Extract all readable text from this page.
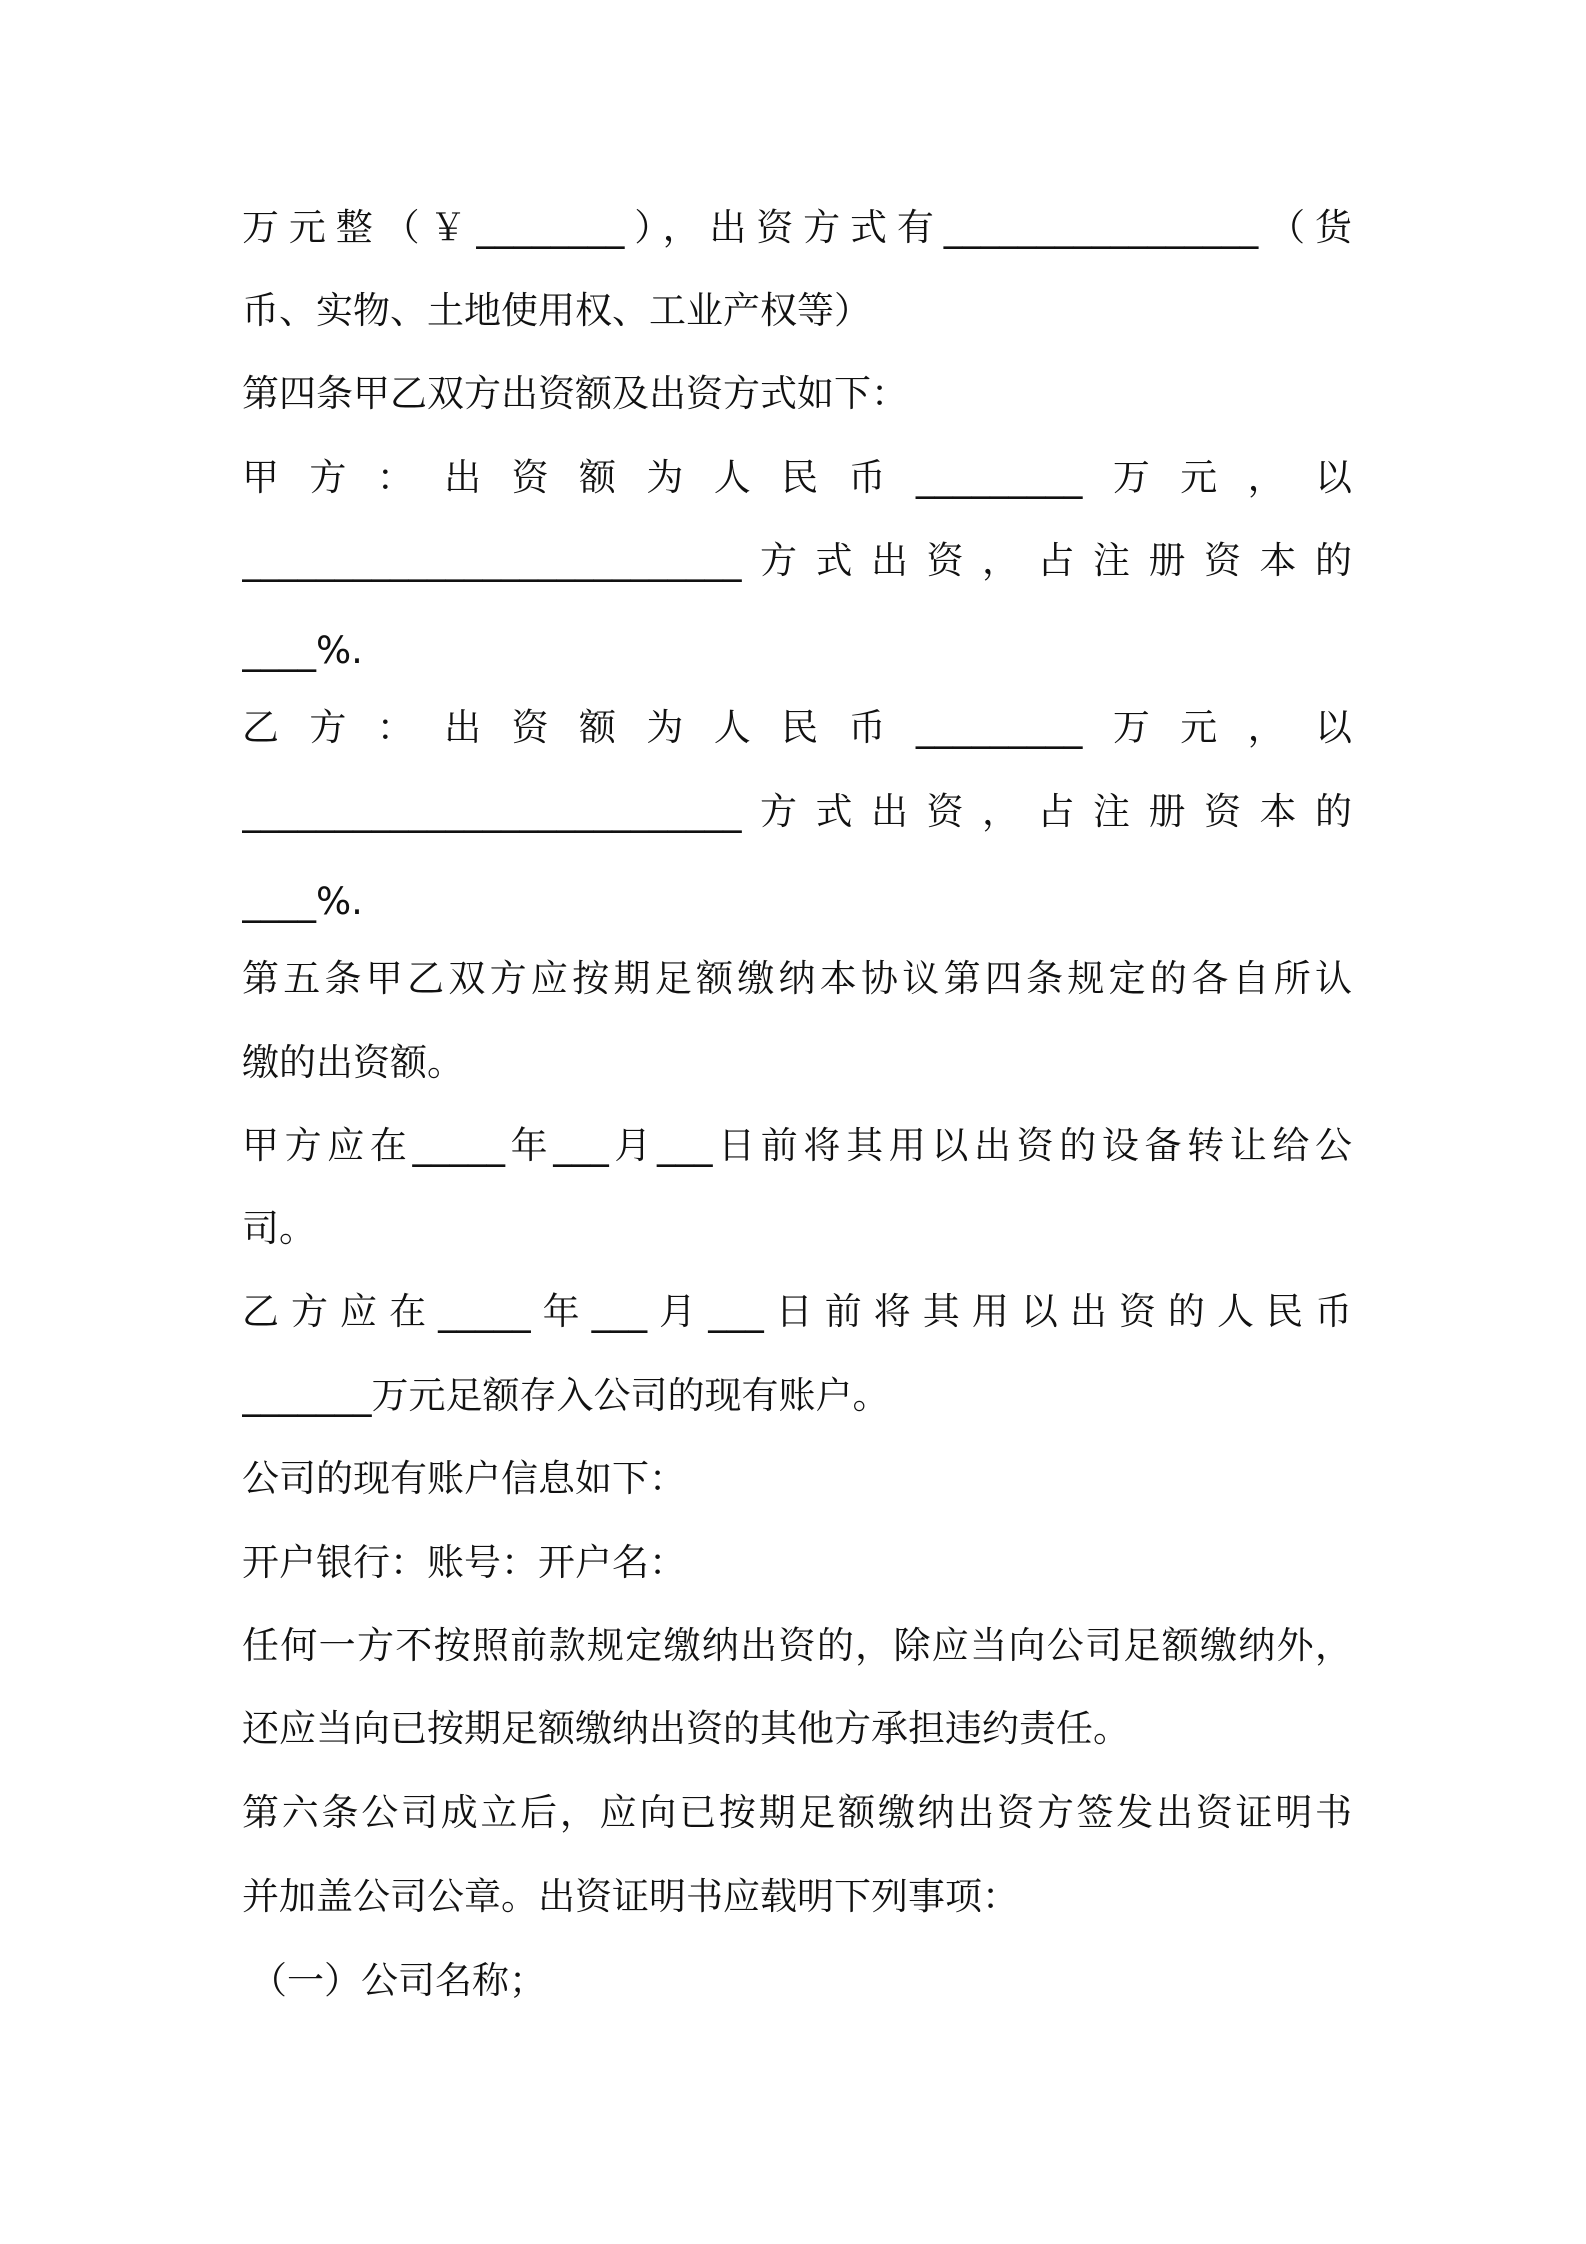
万元整（￥________），出资方式有_________________（货
币、实物、土地使用权、工业产权等）
第四条甲乙双方出资额及出资方式如下：
甲方：出资额为人民币_________万元，以
___________________________方式出资，占注册资本的
____%.
乙方：出资额为人民币_________万元，以
___________________________方式出资，占注册资本的
____%.
第五条甲乙双方应按期足额缴纳本协议第四条规定的各自所认
缴的出资额。
甲方应在_____年___月___日前将其用以出资的设备转让给公
司。
乙方应在_____年___月___日前将其用以出资的人民币
_______万元足额存入公司的现有账户。
公司的现有账户信息如下：
开户银行：账号：开户名：
任何一方不按照前款规定缴纳出资的，除应当向公司足额缴纳外，
还应当向已按期足额缴纳出资的其他方承担违约责任。
第六条公司成立后，应向已按期足额缴纳出资方签发出资证明书
并加盖公司公章。出资证明书应载明下列事项：
（一）公司名称；
